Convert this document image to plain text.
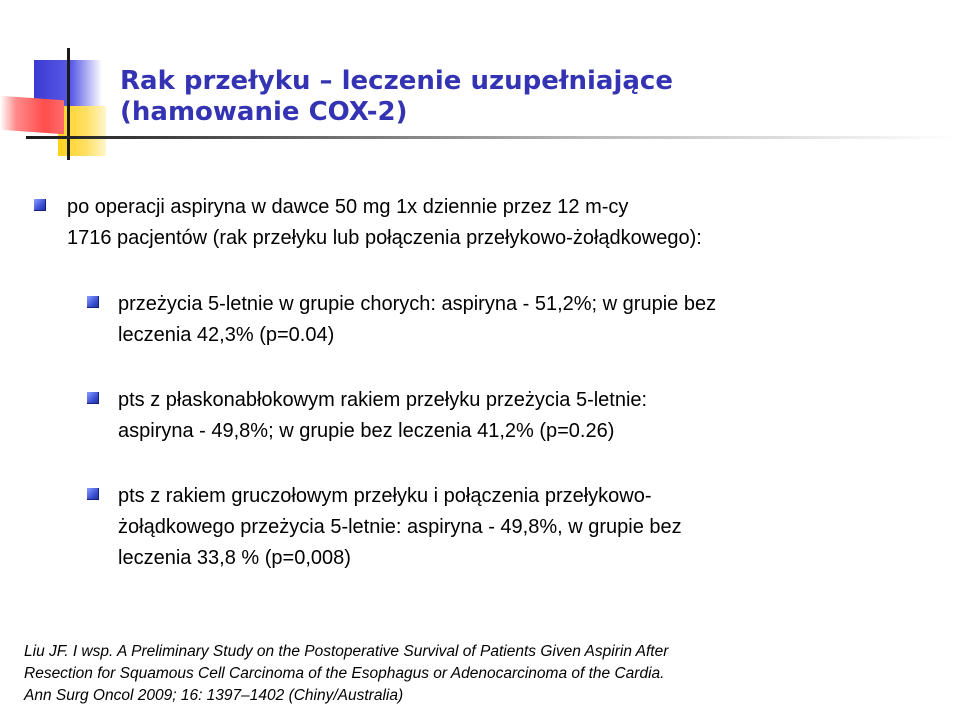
Rak przełyku – leczenie uzupełniające
(hamowanie COX-2)

po operacji aspiryna w dawce 50 mg 1x dziennie przez 12 m-cy

1716 pacjentów (rak przełyku lub połączenia przełykowo-żołądkowego):

przeżycia 5-letnie w grupie chorych: aspiryna - 51,2%; w grupie bez

leczenia 42,3% (p=0.04)

pts z płaskonabłokowym rakiem przełyku przeżycia 5-letnie:

aspiryna - 49,8%; w grupie bez leczenia 41,2% (p=0.26)

pts z rakiem gruczołowym przełyku i połączenia przełykowo-

żołądkowego przeżycia 5-letnie: aspiryna - 49,8%, w grupie bez

leczenia 33,8 % (p=0,008)

Liu JF. I wsp. A Preliminary Study on the Postoperative Survival of Patients Given Aspirin After

Resection for Squamous Cell Carcinoma of the Esophagus or Adenocarcinoma of the Cardia.

Ann Surg Oncol 2009; 16: 1397–1402 (Chiny/Australia)
